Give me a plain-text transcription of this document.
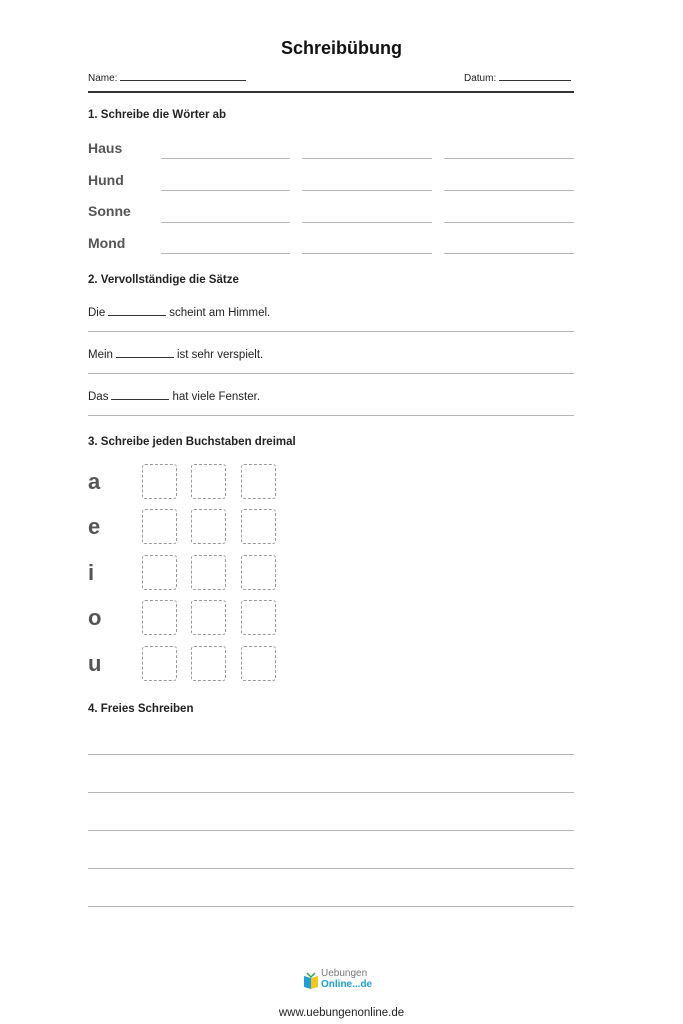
Schreibübung
Name:	Datum:
1. Schreibe die Wörter ab
Haus
Hund
Sonne
Mond
2. Vervollständige die Sätze
Die	scheint am Himmel.
Mein	ist sehr verspielt.
Das	hat viele Fenster.
3. Schreibe jeden Buchstaben dreimal
a
e
i
o
u
4. Freies Schreiben
Uebungen
Online...de
www.uebungenonline.de
